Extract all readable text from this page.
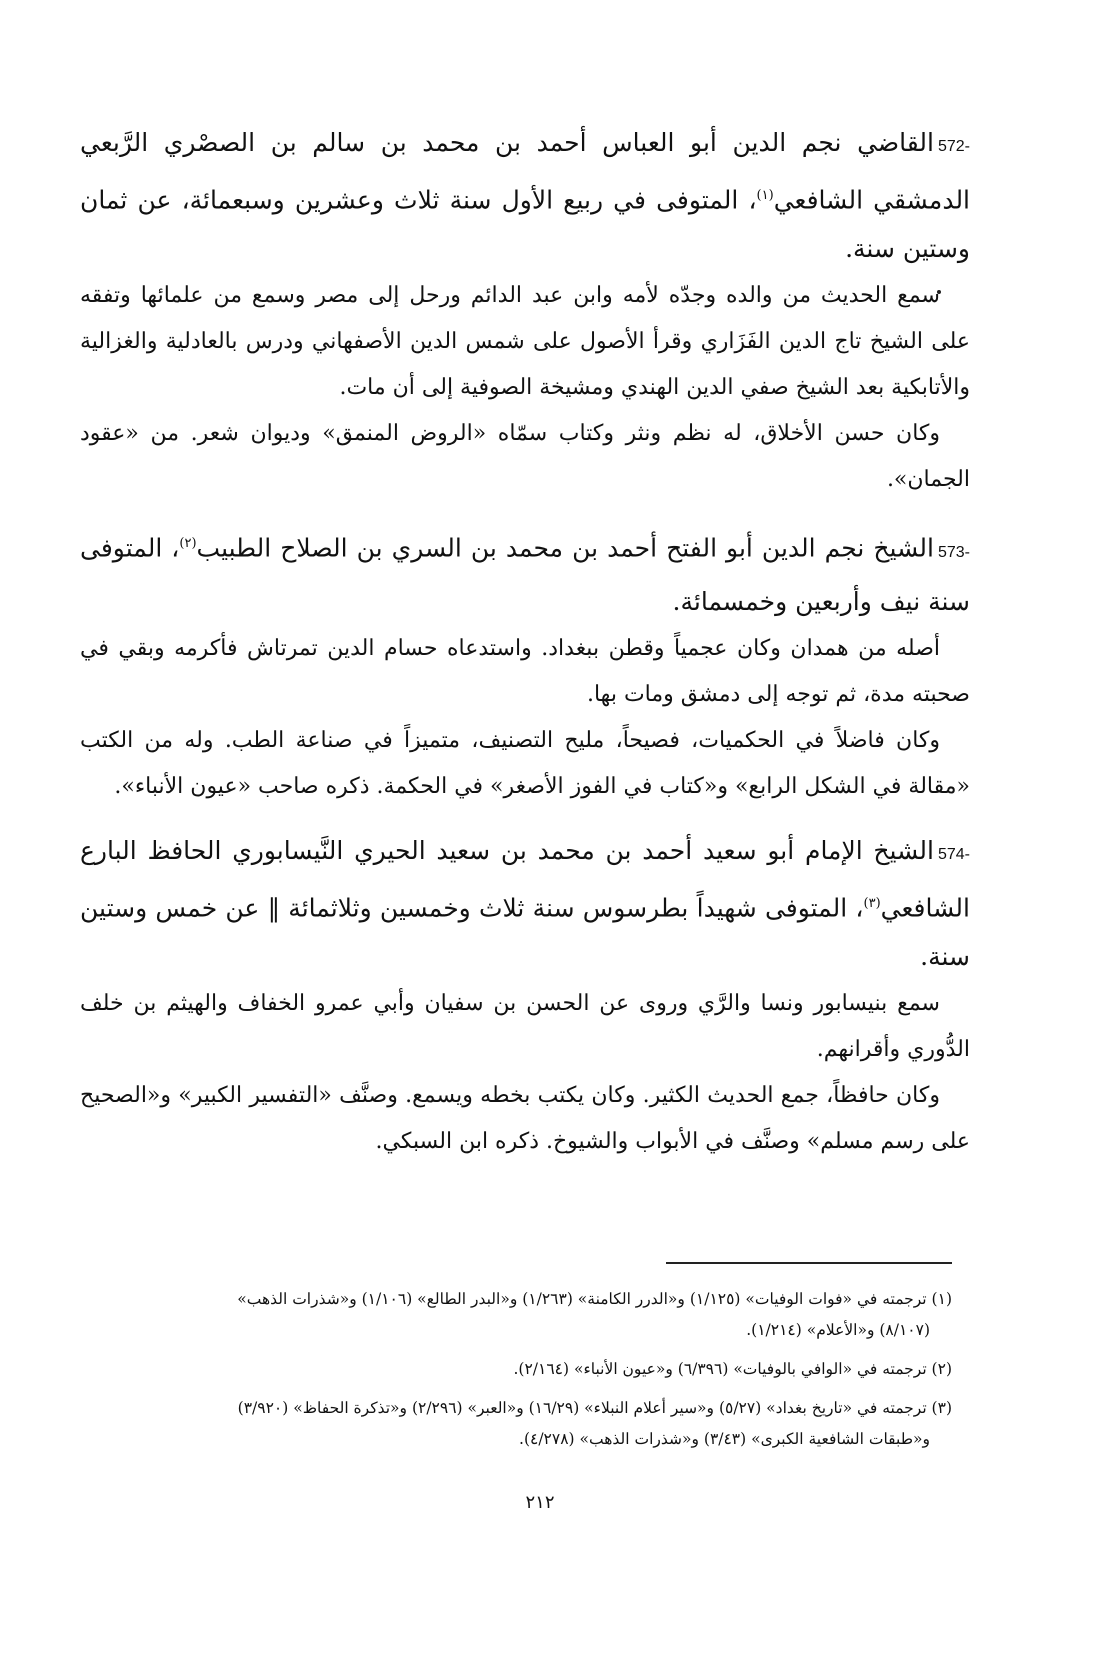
572-القاضي نجم الدين أبو العباس أحمد بن محمد بن سالم بن الصصْري الرَّبعي الدمشقي الشافعي$^{(١)}$، المتوفى في ربيع الأول سنة ثلاث وعشرين وسبعمائة، عن ثمان وستين سنة.

سمع الحديث من والده وجدّه لأمه وابن عبد الدائم ورحل إلى مصر وسمع من علمائها وتفقه على الشيخ تاج الدين الفَزَاري وقرأ الأصول على شمس الدين الأصفهاني ودرس بالعادلية والغزالية والأتابكية بعد الشيخ صفي الدين الهندي ومشيخة الصوفية إلى أن مات.

وكان حسن الأخلاق، له نظم ونثر وكتاب سمّاه «الروض المنمق» وديوان شعر. من «عقود الجمان».

573-الشيخ نجم الدين أبو الفتح أحمد بن محمد بن السري بن الصلاح الطبيب$^{(٢)}$، المتوفى سنة نيف وأربعين وخمسمائة.

أصله من همدان وكان عجمياً وقطن ببغداد. واستدعاه حسام الدين تمرتاش فأكرمه وبقي في صحبته مدة، ثم توجه إلى دمشق ومات بها.

وكان فاضلاً في الحكميات، فصيحاً، مليح التصنيف، متميزاً في صناعة الطب. وله من الكتب «مقالة في الشكل الرابع» و«كتاب في الفوز الأصغر» في الحكمة. ذكره صاحب «عيون الأنباء».

574-الشيخ الإمام أبو سعيد أحمد بن محمد بن سعيد الحيري النَّيسابوري الحافظ البارع الشافعي$^{(٣)}$، المتوفى شهيداً بطرسوس سنة ثلاث وخمسين وثلاثمائة ‖ عن خمس وستين سنة.

سمع بنيسابور ونسا والرَّي وروى عن الحسن بن سفيان وأبي عمرو الخفاف والهيثم بن خلف الدُّوري وأقرانهم.

وكان حافظاً، جمع الحديث الكثير. وكان يكتب بخطه ويسمع. وصنَّف «التفسير الكبير» و«الصحيح على رسم مسلم» وصنَّف في الأبواب والشيوخ. ذكره ابن السبكي.

(١) ترجمته في «فوات الوفيات» (١/١٢٥) و«الدرر الكامنة» (١/٢٦٣) و«البدر الطالع» (١/١٠٦) و«شذرات الذهب»
(٨/١٠٧) و«الأعلام» (١/٢١٤).
(٢) ترجمته في «الوافي بالوفيات» (٦/٣٩٦) و«عيون الأنباء» (٢/١٦٤).
(٣) ترجمته في «تاريخ بغداد» (٥/٢٧) و«سير أعلام النبلاء» (١٦/٢٩) و«العبر» (٢/٢٩٦) و«تذكرة الحفاظ» (٣/٩٢٠)
و«طبقات الشافعية الكبرى» (٣/٤٣) و«شذرات الذهب» (٤/٢٧٨).
٢١٢
